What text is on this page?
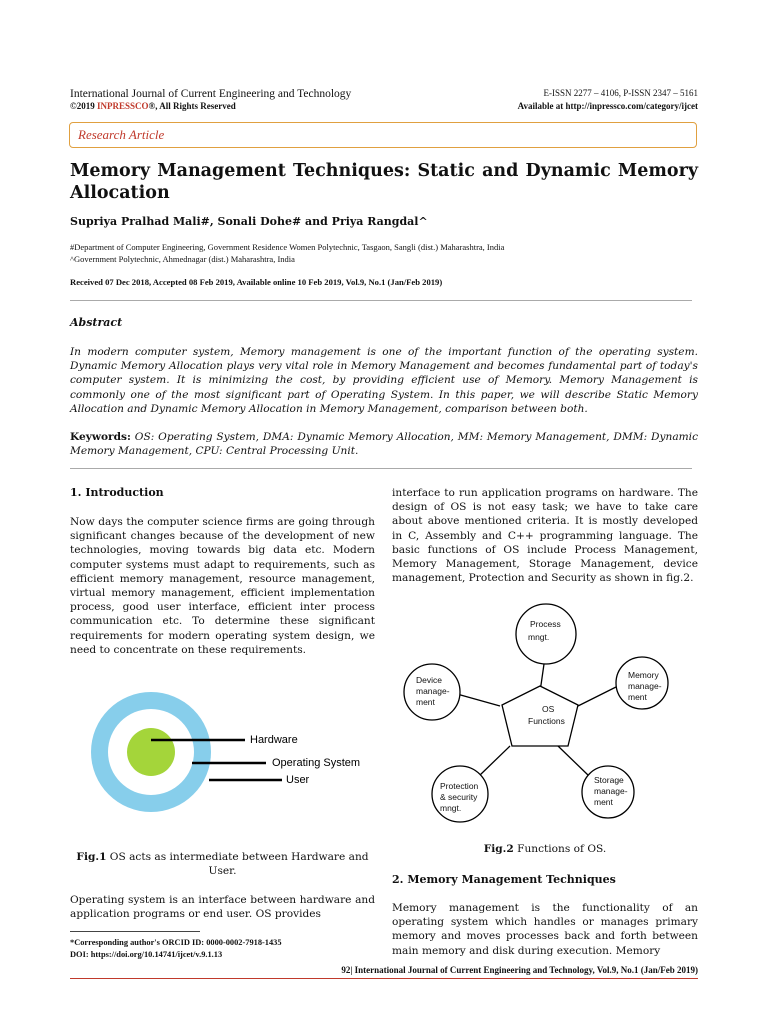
International Journal of Current Engineering and Technology
©2019 INPRESSCO®, All Rights Reserved
E-ISSN 2277 – 4106, P-ISSN 2347 – 5161
Available at http://inpressco.com/category/ijcet
Research Article
Memory Management Techniques: Static and Dynamic Memory Allocation
Supriya Pralhad Mali#, Sonali Dohe# and Priya Rangdal^
#Department of Computer Engineering, Government Residence Women Polytechnic, Tasgaon, Sangli (dist.) Maharashtra, India
^Government Polytechnic, Ahmednagar (dist.) Maharashtra, India
Received 07 Dec 2018, Accepted 08 Feb 2019, Available online 10 Feb 2019, Vol.9, No.1 (Jan/Feb 2019)
Abstract
In modern computer system, Memory management is one of the important function of the operating system. Dynamic Memory Allocation plays very vital role in Memory Management and becomes fundamental part of today's computer system. It is minimizing the cost, by providing efficient use of Memory. Memory Management is commonly one of the most significant part of Operating System. In this paper, we will describe Static Memory Allocation and Dynamic Memory Allocation in Memory Management, comparison between both.
Keywords: OS: Operating System, DMA: Dynamic Memory Allocation, MM: Memory Management, DMM: Dynamic Memory Management, CPU: Central Processing Unit.
1. Introduction
Now days the computer science firms are going through significant changes because of the development of new technologies, moving towards big data etc. Modern computer systems must adapt to requirements, such as efficient memory management, resource management, virtual memory management, efficient implementation process, good user interface, efficient inter process communication etc. To determine these significant requirements for modern operating system design, we need to concentrate on these requirements.
Hardware
Operating System
User
Fig.1 OS acts as intermediate between Hardware and User.
Operating system is an interface between hardware and application programs or end user. OS provides
*Corresponding author's ORCID ID: 0000-0002-7918-1435
DOI: https://doi.org/10.14741/ijcet/v.9.1.13
interface to run application programs on hardware. The design of OS is not easy task; we have to take care about above mentioned criteria. It is mostly developed in C, Assembly and C++ programming language. The basic functions of OS include Process Management, Memory Management, Storage Management, device management, Protection and Security as shown in fig.2.
OS
Functions
Process
mngt.
Memory
manage-
ment
Storage
manage-
ment
Protection
& security
mngt.
Device
manage-
ment
Fig.2 Functions of OS.
2. Memory Management Techniques
Memory management is the functionality of an operating system which handles or manages primary memory and moves processes back and forth between main memory and disk during execution. Memory
92| International Journal of Current Engineering and Technology, Vol.9, No.1 (Jan/Feb 2019)
